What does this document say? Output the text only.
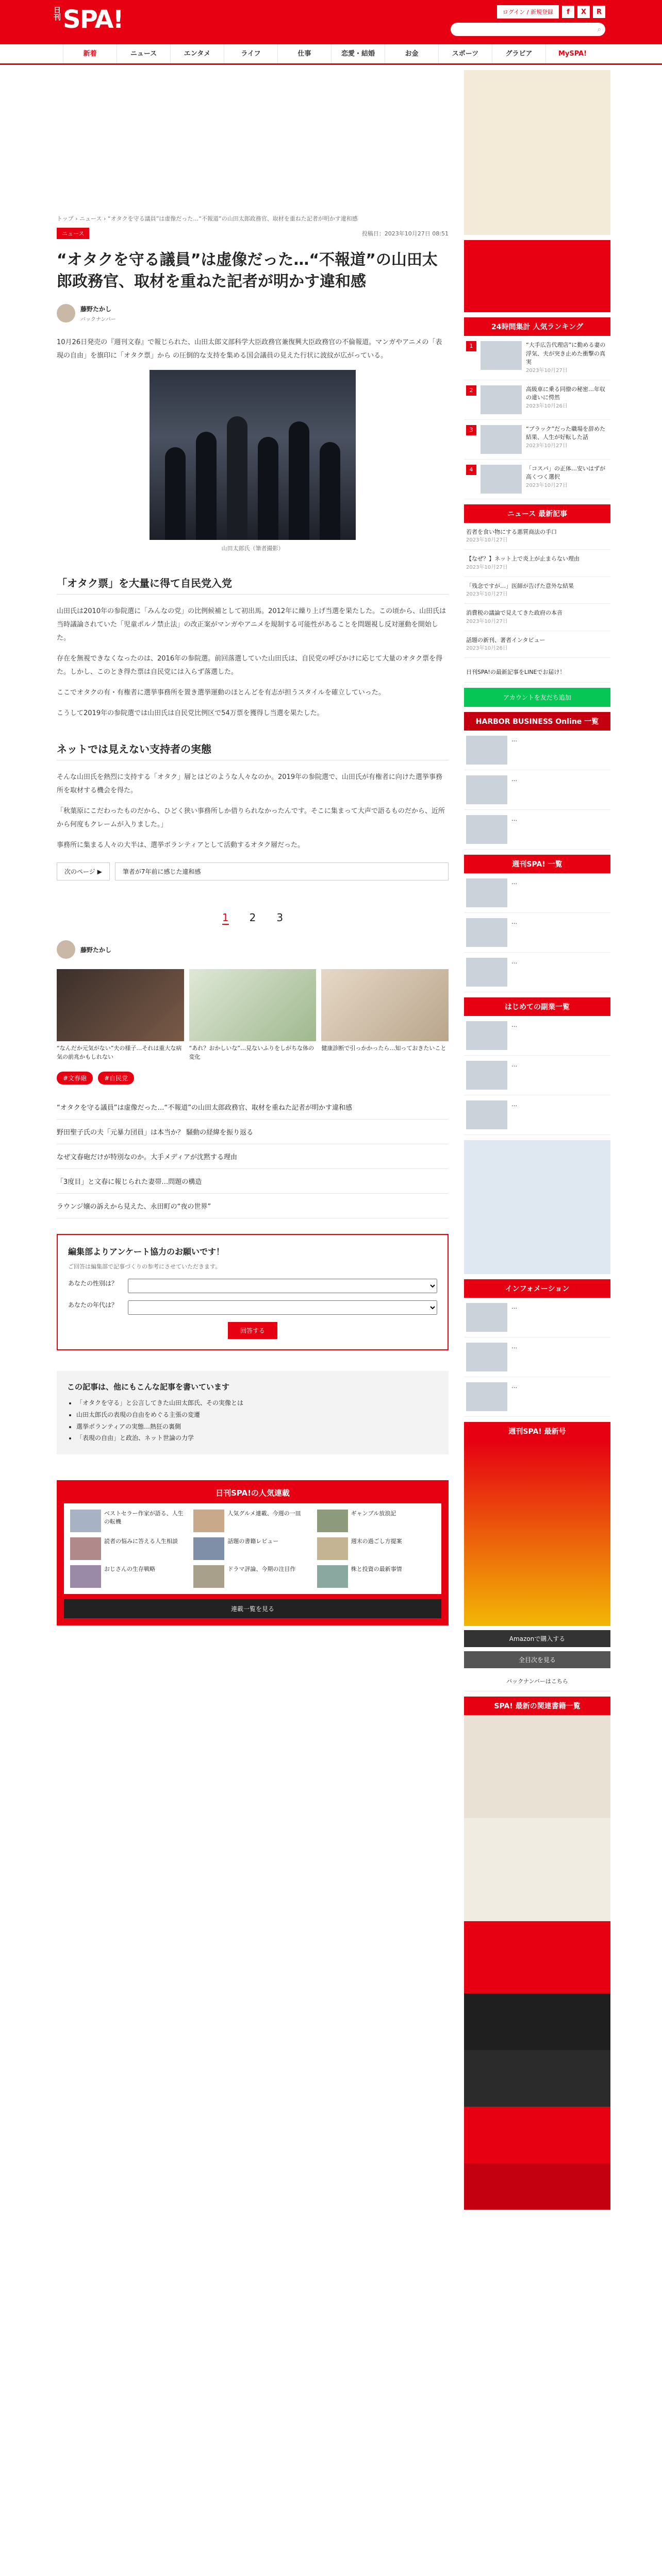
日刊 SPA!	ログイン / 新規登録	f	X	R
⌕
新着	ニュース	エンタメ	ライフ	仕事	恋愛・結婚	お金	スポーツ	グラビア	MySPA!
トップ › ニュース › “オタクを守る議員”は虚像だった…“不報道”の山田太郎政務官、取材を重ねた記者が明かす違和感
ニュース	投稿日：2023年10月27日 08:51
“オタクを守る議員”は虚像だった…“不報道”の山田太郎政務官、取材を重ねた記者が明かす違和感
藤野たかし
バックナンバー

10月26日発売の『週刊文春』で報じられた、山田太郎文部科学大臣政務官兼復興大臣政務官の不倫報道。マンガやアニメの「表現の自由」を旗印に「オタク票」から の圧倒的な支持を集める国会議員の見えた行状に波紋が広がっている。

山田太郎氏（筆者撮影）
「オタク票」を大量に得て自民党入党

山田氏は2010年の参院選に「みんなの党」の比例候補として初出馬。2012年に繰り上げ当選を果たした。この頃から、山田氏は当時議論されていた「児童ポルノ禁止法」の改正案がマンガやアニメを規制する可能性があることを問題視し反対運動を開始した。

存在を無視できなくなったのは、2016年の参院選。前回落選していた山田氏は、自民党の呼びかけに応じて大量のオタク票を得た。しかし、このとき得た票は自民党には入らず落選した。

ここでオタクの有・有権者に選挙事務所を置き選挙運動のほとんどを有志が担うスタイルを確立していった。

こうして2019年の参院選では山田氏は自民党比例区で54万票を獲得し当選を果たした。

ネットでは見えない支持者の実態

そんな山田氏を熱烈に支持する「オタク」層とはどのような人々なのか。2019年の参院選で、山田氏が有権者に向けた選挙事務所を取材する機会を得た。

「秋葉原にこだわったものだから、ひどく狭い事務所しか借りられなかったんです。そこに集まって大声で語るものだから、近所から何度もクレームが入りました。」

事務所に集まる人々の大半は、選挙ボランティアとして活動するオタク層だった。

次のページ ▶	筆者が7年前に感じた違和感
1 2 3
藤野たかし

“なんだか元気がない”夫の様子…それは重大な病気の前兆かもしれない

“あれ？おかしいな”…見ないふりをしがちな体の変化

健康診断で引っかかったら…知っておきたいこと

#文春砲	#自民党
“オタクを守る議員”は虚像だった…“不報道”の山田太郎政務官、取材を重ねた記者が明かす違和感
野田聖子氏の夫「元暴力団員」は本当か？ 騒動の経緯を振り返る
なぜ文春砲だけが特別なのか。大手メディアが沈黙する理由
「3度目」と文春に報じられた妻帯…問題の構造
ラウンジ嬢の訴えから見えた、永田町の“夜の世界”
編集部よりアンケート協力のお願いです！

ご回答は編集部で記事づくりの参考にさせていただきます。

あなたの性別は？
あなたの年代は？
回答する
この記事は、他にもこんな記事を書いています
• 「オタクを守る」と公言してきた山田太郎氏、その実像とは
• 山田太郎氏の表現の自由をめぐる主張の変遷
• 選挙ボランティアの実態…熱狂の裏側
• 「表現の自由」と政治、ネット世論の力学
日刊SPA!の人気連載
ベストセラー作家が語る、人生の転機
人気グルメ連載、今週の一皿	ギャンブル放浪記
読者の悩みに答える人生相談	話題の書籍レビュー	週末の過ごし方提案
おじさんの生存戦略	ドラマ評論、今期の注目作	株と投資の最新事情
連載一覧を見る
24時間集計 人気ランキング
1	“大手広告代理店”に勤める妻の浮気、夫が突き止めた衝撃の真実
2023年10月27日
2	高級車に乗る同僚の秘密…年収の違いに愕然
2023年10月26日
3	“ブラック”だった職場を辞めた結果、人生が好転した話
2023年10月27日
4	「コスパ」の正体…安いはずが高くつく選択
2023年10月27日
ニュース 最新記事
若者を食い物にする悪質商法の手口
2023年10月27日
【なぜ？】ネット上で炎上が止まらない理由
2023年10月27日
「残念ですが…」医師が告げた意外な結果
2023年10月27日
消費税の議論で見えてきた政府の本音
2023年10月27日
話題の新刊、著者インタビュー
2023年10月26日
日刊SPA!の最新記事をLINEでお届け！
アカウントを友だち追加
HARBOR BUSINESS Online 一覧
…
…
…
週刊SPA! 一覧
…
…
…
はじめての副業一覧
…
…
…
インフォメーション
…
…
…
週刊SPA! 最新号
Amazonで購入する
全目次を見る
バックナンバーはこちら
SPA! 最新の関連書籍一覧
